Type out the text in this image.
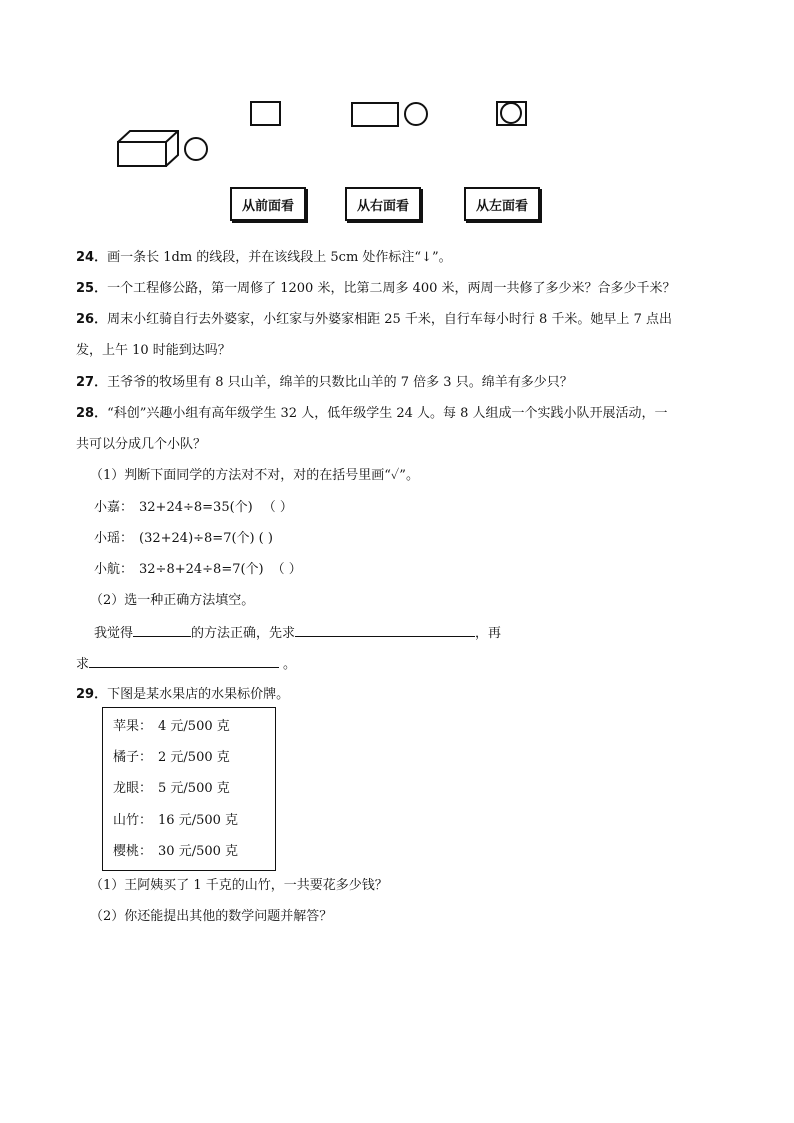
从前面看	从右面看	从左面看
24．画一条长 1dm 的线段，并在该线段上 5cm 处作标注“↓”。
25．一个工程修公路，第一周修了 1200 米，比第二周多 400 米，两周一共修了多少米？合多少千米？
26．周末小红骑自行去外婆家，小红家与外婆家相距 25 千米，自行车每小时行 8 千米。她早上 7 点出
发，上午 10 时能到达吗？
27．王爷爷的牧场里有 8 只山羊，绵羊的只数比山羊的 7 倍多 3 只。绵羊有多少只？
28．“科创”兴趣小组有高年级学生 32 人，低年级学生 24 人。每 8 人组成一个实践小队开展活动，一
共可以分成几个小队？
（1）判断下面同学的方法对不对，对的在括号里画“✓”。
小嘉： 32+24÷8=35(个) （ ）
小瑶： (32+24)÷8=7(个) ( )
小航： 32÷8+24÷8=7(个) （ ）
（2）选一种正确方法填空。
我觉得	的方法正确，先求	，再
求	。
29．下图是某水果店的水果标价牌。
苹果： 4 元/500 克
橘子： 2 元/500 克
龙眼： 5 元/500 克
山竹： 16 元/500 克
樱桃： 30 元/500 克
（1）王阿姨买了 1 千克的山竹，一共要花多少钱？
（2）你还能提出其他的数学问题并解答？
